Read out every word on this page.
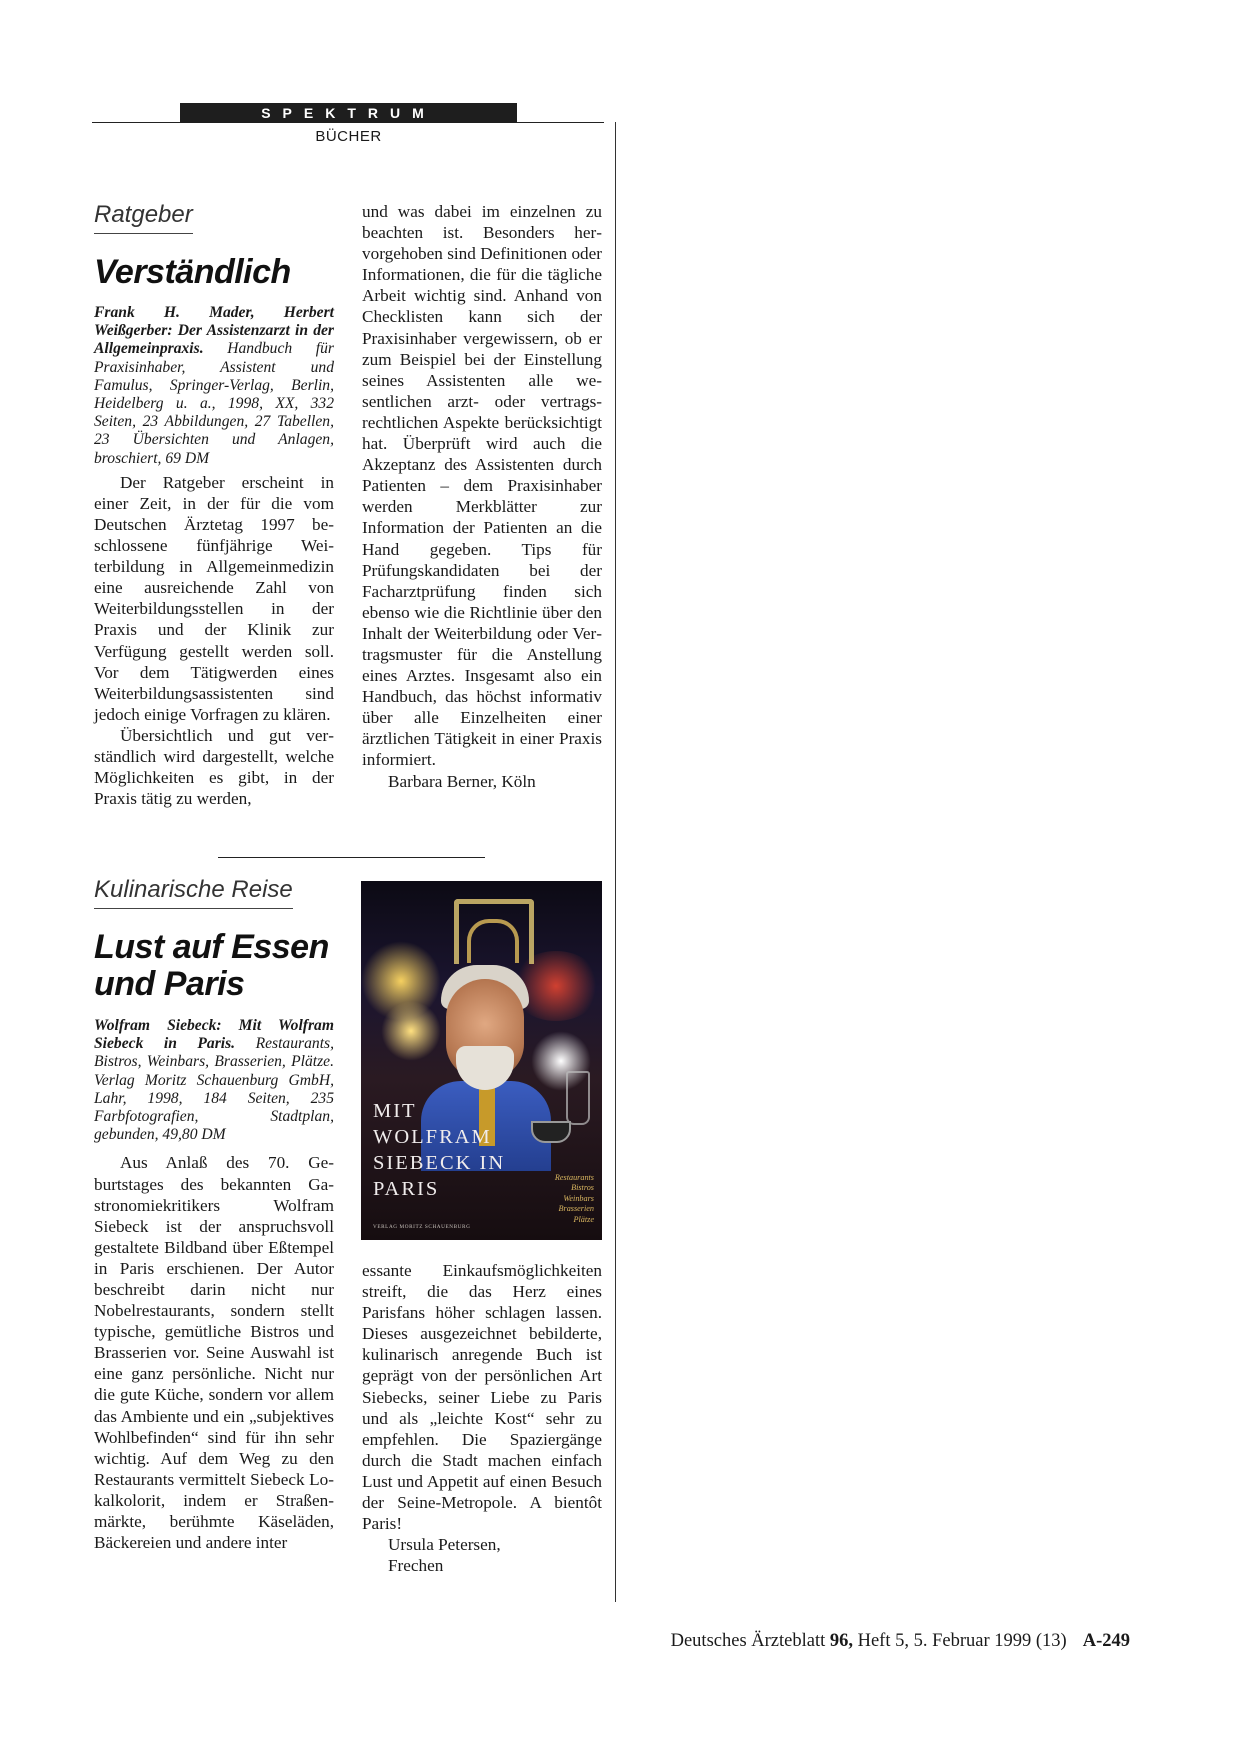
SPEKTRUM
BÜCHER
Ratgeber
Verständlich
Frank H. Mader, Herbert Weißgerber: Der Assistenzarzt in der Allgemeinpraxis. Handbuch für Praxisinhaber, Assistent und Famulus, Springer-Verlag, Berlin, Heidelberg u. a., 1998, XX, 332 Seiten, 23 Abbildungen, 27 Tabellen, 23 Übersichten und Anlagen, broschiert, 69 DM

Der Ratgeber erscheint in einer Zeit, in der für die vom Deutschen Ärztetag 1997 beschlossene fünfjährige Weiterbildung in Allgemeinmedizin eine ausreichende Zahl von Weiterbildungsstellen in der Praxis und der Klinik zur Verfügung gestellt werden soll. Vor dem Tätigwerden eines Weiterbildungsassistenten sind jedoch einige Vorfragen zu klären.

Übersichtlich und gut verständlich wird dargestellt, welche Möglichkeiten es gibt, in der Praxis tätig zu werden,

und was dabei im einzelnen zu beachten ist. Besonders hervorgehoben sind Definitionen oder Informationen, die für die tägliche Arbeit wichtig sind. Anhand von Checklisten kann sich der Praxisinhaber vergewissern, ob er zum Beispiel bei der Einstellung seines Assistenten alle wesentlichen arzt- oder vertragsrechtlichen Aspekte berücksichtigt hat. Überprüft wird auch die Akzeptanz des Assistenten durch Patienten – dem Praxisinhaber werden Merkblätter zur Information der Patienten an die Hand gegeben. Tips für Prüfungskandidaten bei der Facharztprüfung finden sich ebenso wie die Richtlinie über den Inhalt der Weiterbildung oder Vertragsmuster für die Anstellung eines Arztes. Insgesamt also ein Handbuch, das höchst informativ über alle Einzelheiten einer ärztlichen Tätigkeit in einer Praxis informiert.

Barbara Berner, Köln

Kulinarische Reise
Lust auf Essen
und Paris
Wolfram Siebeck: Mit Wolfram Siebeck in Paris. Restaurants, Bistros, Weinbars, Brasserien, Plätze. Verlag Moritz Schauenburg GmbH, Lahr, 1998, 184 Seiten, 235 Farbfotografien, Stadtplan, gebunden, 49,80 DM

Aus Anlaß des 70. Geburtstages des bekannten Gastronomiekritikers Wolfram Siebeck ist der anspruchsvoll gestaltete Bildband über Eßtempel in Paris erschienen. Der Autor beschreibt darin nicht nur Nobelrestaurants, sondern stellt typische, gemütliche Bistros und Brasserien vor. Seine Auswahl ist eine ganz persönliche. Nicht nur die gute Küche, sondern vor allem das Ambiente und ein „subjektives Wohlbefinden“ sind für ihn sehr wichtig. Auf dem Weg zu den Restaurants vermittelt Siebeck Lokalkolorit, indem er Straßenmärkte, berühmte Käseläden, Bäckereien und andere inter

MIT
WOLFRAM
SIEBECK IN
PARIS
Restaurants
Bistros
Weinbars
Brasserien
Plätze
VERLAG MORITZ SCHAUENBURG

essante Einkaufsmöglichkeiten streift, die das Herz eines Parisfans höher schlagen lassen. Dieses ausgezeichnet bebilderte, kulinarisch anregende Buch ist geprägt von der persönlichen Art Siebecks, seiner Liebe zu Paris und als „leichte Kost“ sehr zu empfehlen. Die Spaziergänge durch die Stadt machen einfach Lust und Appetit auf einen Besuch der Seine-Metropole. A bientôt Paris!

Ursula Petersen,

Frechen

Deutsches Ärzteblatt 96, Heft 5, 5. Februar 1999 (13) A-249
